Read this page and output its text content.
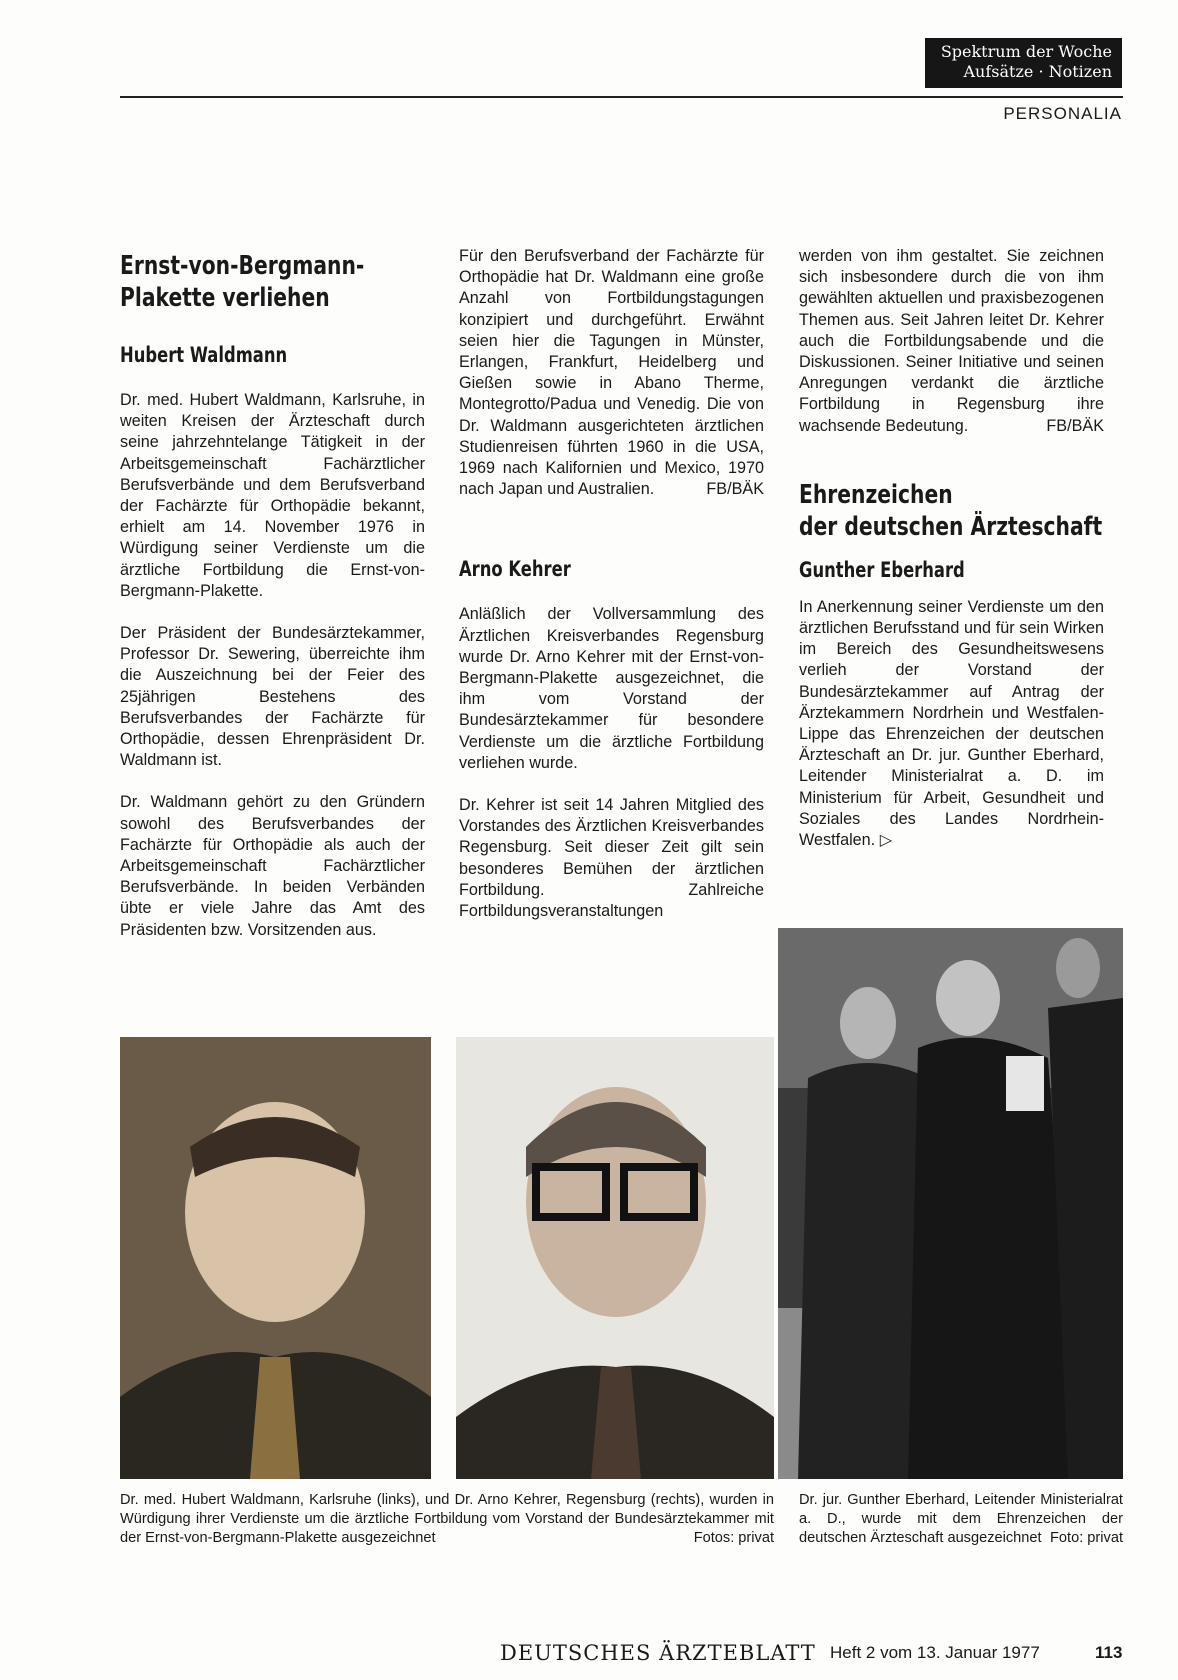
Spektrum der Woche
Aufsätze · Notizen
PERSONALIA
Ernst-von-Bergmann-
Plakette verliehen
Hubert Waldmann

Dr. med. Hubert Waldmann, Karlsruhe, in weiten Kreisen der Ärzteschaft durch seine jahrzehntelange Tätigkeit in der Arbeitsgemeinschaft Fachärztlicher Berufsverbände und dem Berufsverband der Fachärzte für Orthopädie bekannt, erhielt am 14. November 1976 in Würdigung seiner Verdienste um die ärztliche Fortbildung die Ernst-von-Bergmann-Plakette.

Der Präsident der Bundesärztekammer, Professor Dr. Sewering, überreichte ihm die Auszeichnung bei der Feier des 25jährigen Bestehens des Berufsverbandes der Fachärzte für Orthopädie, dessen Ehrenpräsident Dr. Waldmann ist.

Dr. Waldmann gehört zu den Gründern sowohl des Berufsverbandes der Fachärzte für Orthopädie als auch der Arbeitsgemeinschaft Fachärztlicher Berufsverbände. In beiden Verbänden übte er viele Jahre das Amt des Präsidenten bzw. Vorsitzenden aus.

Für den Berufsverband der Fachärzte für Orthopädie hat Dr. Waldmann eine große Anzahl von Fortbildungstagungen konzipiert und durchgeführt. Erwähnt seien hier die Tagungen in Münster, Erlangen, Frankfurt, Heidelberg und Gießen sowie in Abano Therme, Montegrotto/Padua und Venedig. Die von Dr. Waldmann ausgerichteten ärztlichen Studienreisen führten 1960 in die USA, 1969 nach Kalifornien und Mexico, 1970 nach Japan und Australien.	FB/BÄK

Arno Kehrer

Anläßlich der Vollversammlung des Ärztlichen Kreisverbandes Regensburg wurde Dr. Arno Kehrer mit der Ernst-von-Bergmann-Plakette ausgezeichnet, die ihm vom Vorstand der Bundesärztekammer für besondere Verdienste um die ärztliche Fortbildung verliehen wurde.

Dr. Kehrer ist seit 14 Jahren Mitglied des Vorstandes des Ärztlichen Kreisverbandes Regensburg. Seit dieser Zeit gilt sein besonderes Bemühen der ärztlichen Fortbildung. Zahlreiche Fortbildungsveranstaltungen

werden von ihm gestaltet. Sie zeichnen sich insbesondere durch die von ihm gewählten aktuellen und praxisbezogenen Themen aus. Seit Jahren leitet Dr. Kehrer auch die Fortbildungsabende und die Diskussionen. Seiner Initiative und seinen Anregungen verdankt die ärztliche Fortbildung in Regensburg ihre wachsende Bedeutung.	FB/BÄK

Ehrenzeichen
der deutschen Ärzteschaft
Gunther Eberhard

In Anerkennung seiner Verdienste um den ärztlichen Berufsstand und für sein Wirken im Bereich des Gesundheitswesens verlieh der Vorstand der Bundesärztekammer auf Antrag der Ärztekammern Nordrhein und Westfalen-Lippe das Ehrenzeichen der deutschen Ärzteschaft an Dr. jur. Gunther Eberhard, Leitender Ministerialrat a. D. im Ministerium für Arbeit, Gesundheit und Soziales des Landes Nordrhein-Westfalen. ▷

Dr. med. Hubert Waldmann, Karlsruhe (links), und Dr. Arno Kehrer, Regensburg (rechts), wurden in Würdigung ihrer Verdienste um die ärztliche Fortbildung vom Vorstand der Bundesärztekammer mit der Ernst-von-Bergmann-Plakette ausgezeichnet	Fotos: privat
Dr. jur. Gunther Eberhard, Leitender Ministerialrat a. D., wurde mit dem Ehrenzeichen der deutschen Ärzteschaft ausgezeichnet Foto: privat
DEUTSCHES ÄRZTEBLATT Heft 2 vom 13. Januar 1977	113
